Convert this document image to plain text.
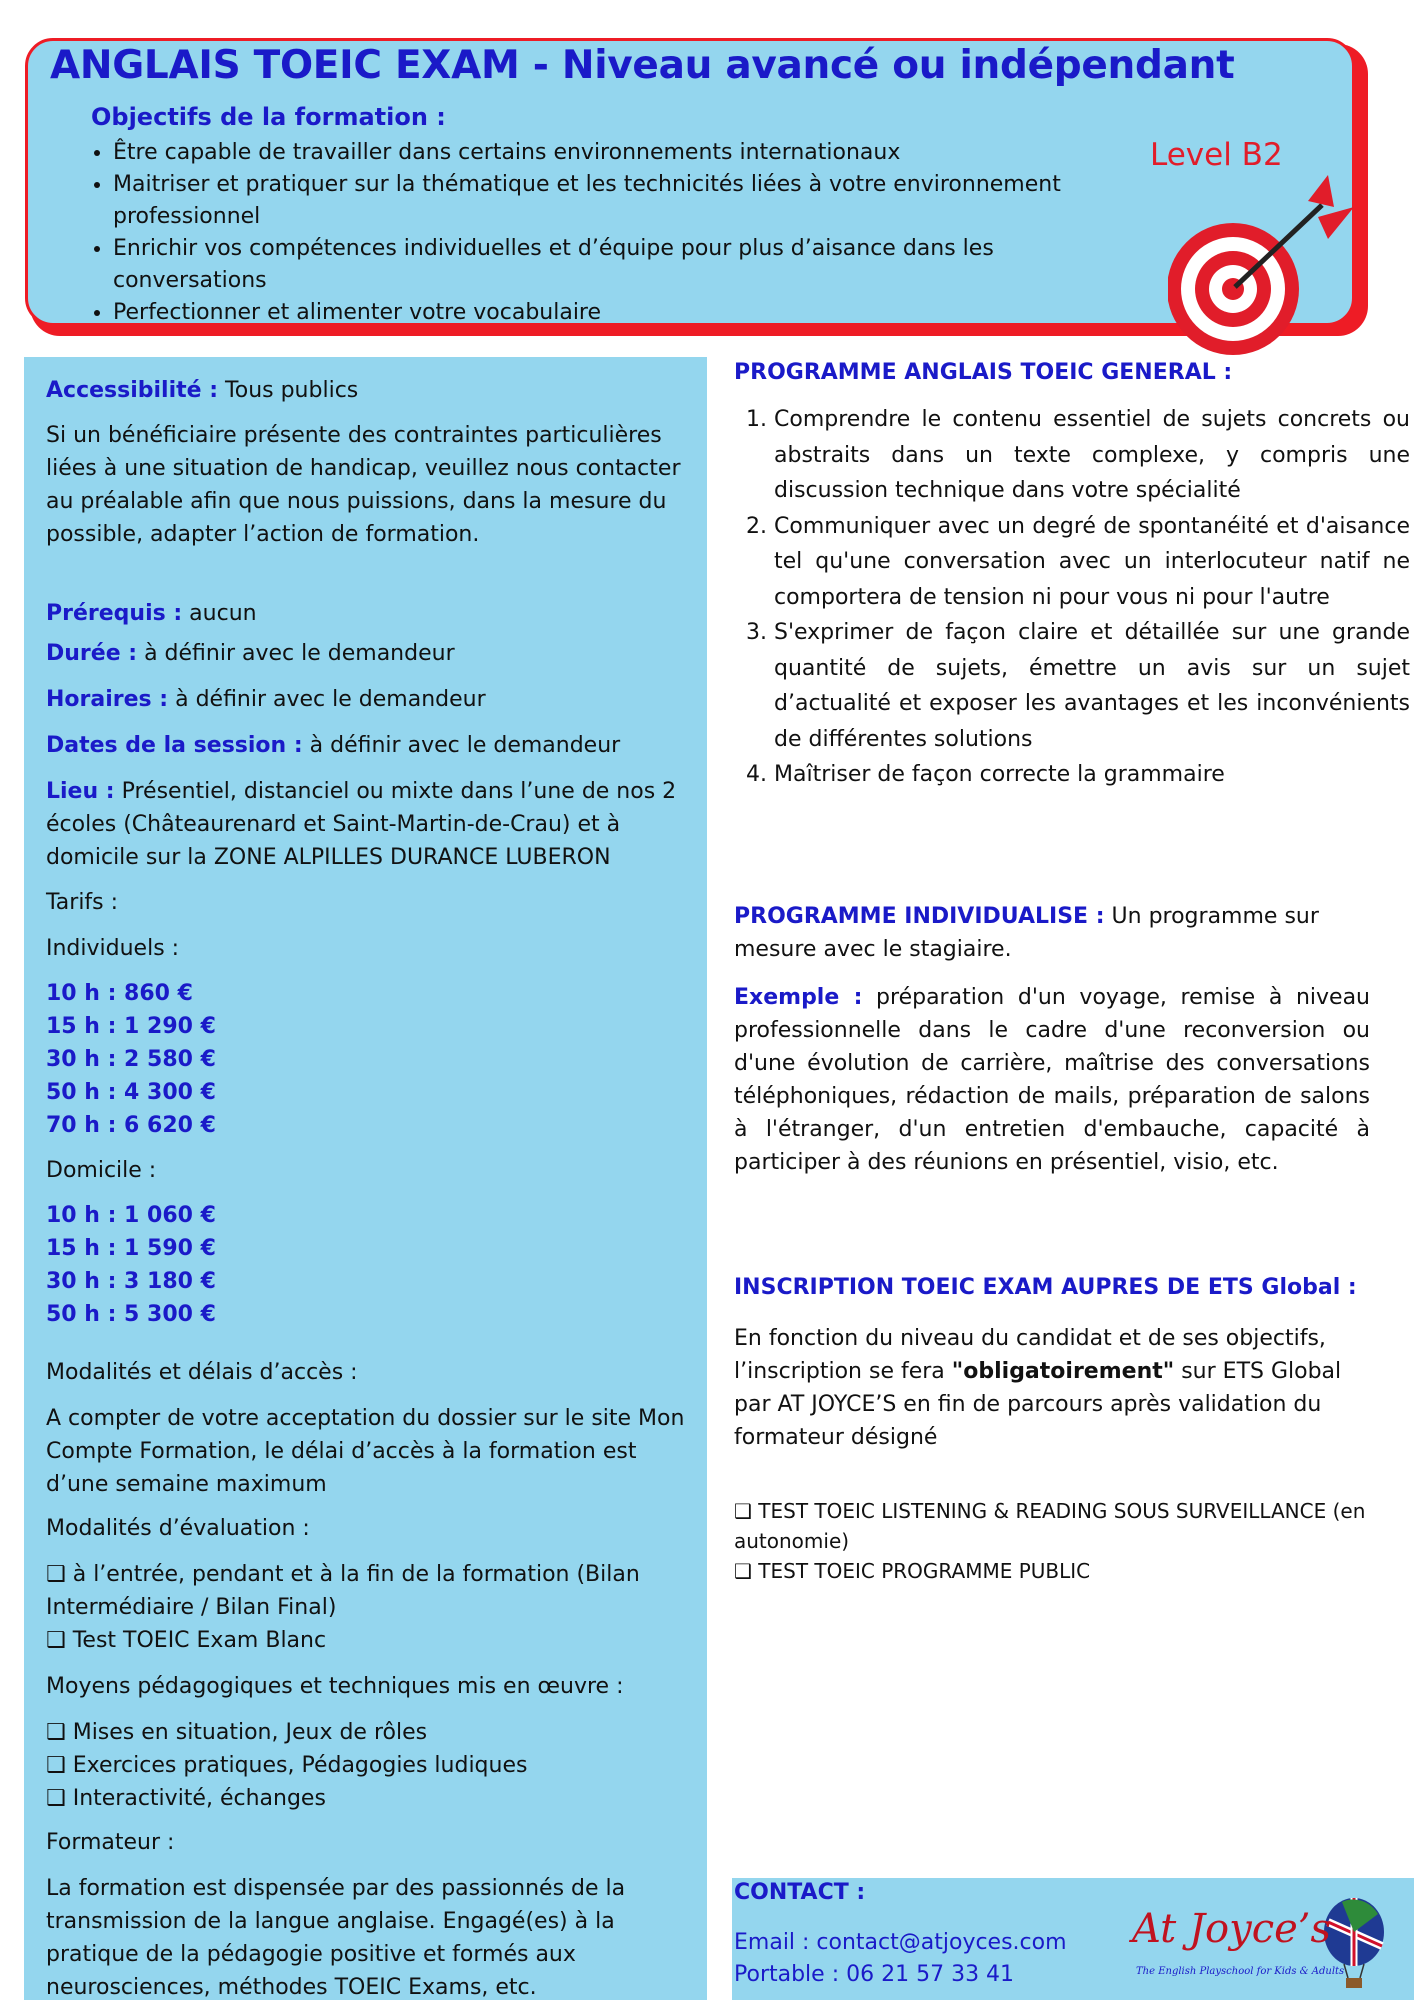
ANGLAIS TOEIC EXAM - Niveau avancé ou indépendant
Objectifs de la formation :
• Être capable de travailler dans certains environnements internationaux
• Maitriser et pratiquer sur la thématique et les technicités liées à votre environnement professionnel
• Enrichir vos compétences individuelles et d’équipe pour plus d’aisance dans les conversations
• Perfectionner et alimenter votre vocabulaire
Level B2
Accessibilité : Tous publics
Si un bénéficiaire présente des contraintes particulières liées à une situation de handicap, veuillez nous contacter au préalable afin que nous puissions, dans la mesure du possible, adapter l’action de formation.
Prérequis : aucun
Durée : à définir avec le demandeur
Horaires : à définir avec le demandeur
Dates de la session : à définir avec le demandeur
Lieu : Présentiel, distanciel ou mixte dans l’une de nos 2 écoles (Châteaurenard et Saint-Martin-de-Crau) et à domicile sur la ZONE ALPILLES DURANCE LUBERON
Tarifs :
Individuels :
10 h : 860 €
15 h : 1 290 €
30 h : 2 580 €
50 h : 4 300 €
70 h : 6 620 €
Domicile :
10 h : 1 060 €
15 h : 1 590 €
30 h : 3 180 €
50 h : 5 300 €
Modalités et délais d’accès :
A compter de votre acceptation du dossier sur le site Mon Compte Formation, le délai d’accès à la formation est d’une semaine maximum
Modalités d’évaluation :
❑ à l’entrée, pendant et à la fin de la formation (Bilan Intermédiaire / Bilan Final)
❑ Test TOEIC Exam Blanc
Moyens pédagogiques et techniques mis en œuvre :
❑ Mises en situation, Jeux de rôles
❑ Exercices pratiques, Pédagogies ludiques
❑ Interactivité, échanges
Formateur :
La formation est dispensée par des passionnés de la transmission de la langue anglaise. Engagé(es) à la pratique de la pédagogie positive et formés aux neurosciences, méthodes TOEIC Exams, etc.
PROGRAMME ANGLAIS TOEIC GENERAL :
1. Comprendre le contenu essentiel de sujets concrets ou abstraits dans un texte complexe, y compris une discussion technique dans votre spécialité
2. Communiquer avec un degré de spontanéité et d'aisance tel qu'une conversation avec un interlocuteur natif ne comportera de tension ni pour vous ni pour l'autre
3. S'exprimer de façon claire et détaillée sur une grande quantité de sujets, émettre un avis sur un sujet d’actualité et exposer les avantages et les inconvénients de différentes solutions
4. Maîtriser de façon correcte la grammaire
PROGRAMME INDIVIDUALISE : Un programme sur mesure avec le stagiaire.
Exemple : préparation d'un voyage, remise à niveau professionnelle dans le cadre d'une reconversion ou d'une évolution de carrière, maîtrise des conversations téléphoniques, rédaction de mails, préparation de salons à l'étranger, d'un entretien d'embauche, capacité à participer à des réunions en présentiel, visio, etc.
INSCRIPTION TOEIC EXAM AUPRES DE ETS Global :
En fonction du niveau du candidat et de ses objectifs, l’inscription se fera "obligatoirement" sur ETS Global par AT JOYCE’S en fin de parcours après validation du formateur désigné
❑ TEST TOEIC LISTENING & READING SOUS SURVEILLANCE (en autonomie)
❑ TEST TOEIC PROGRAMME PUBLIC
CONTACT :
Email : contact@atjoyces.com
Portable : 06 21 57 33 41
At Joyce’s
The English Playschool for Kids & Adults
